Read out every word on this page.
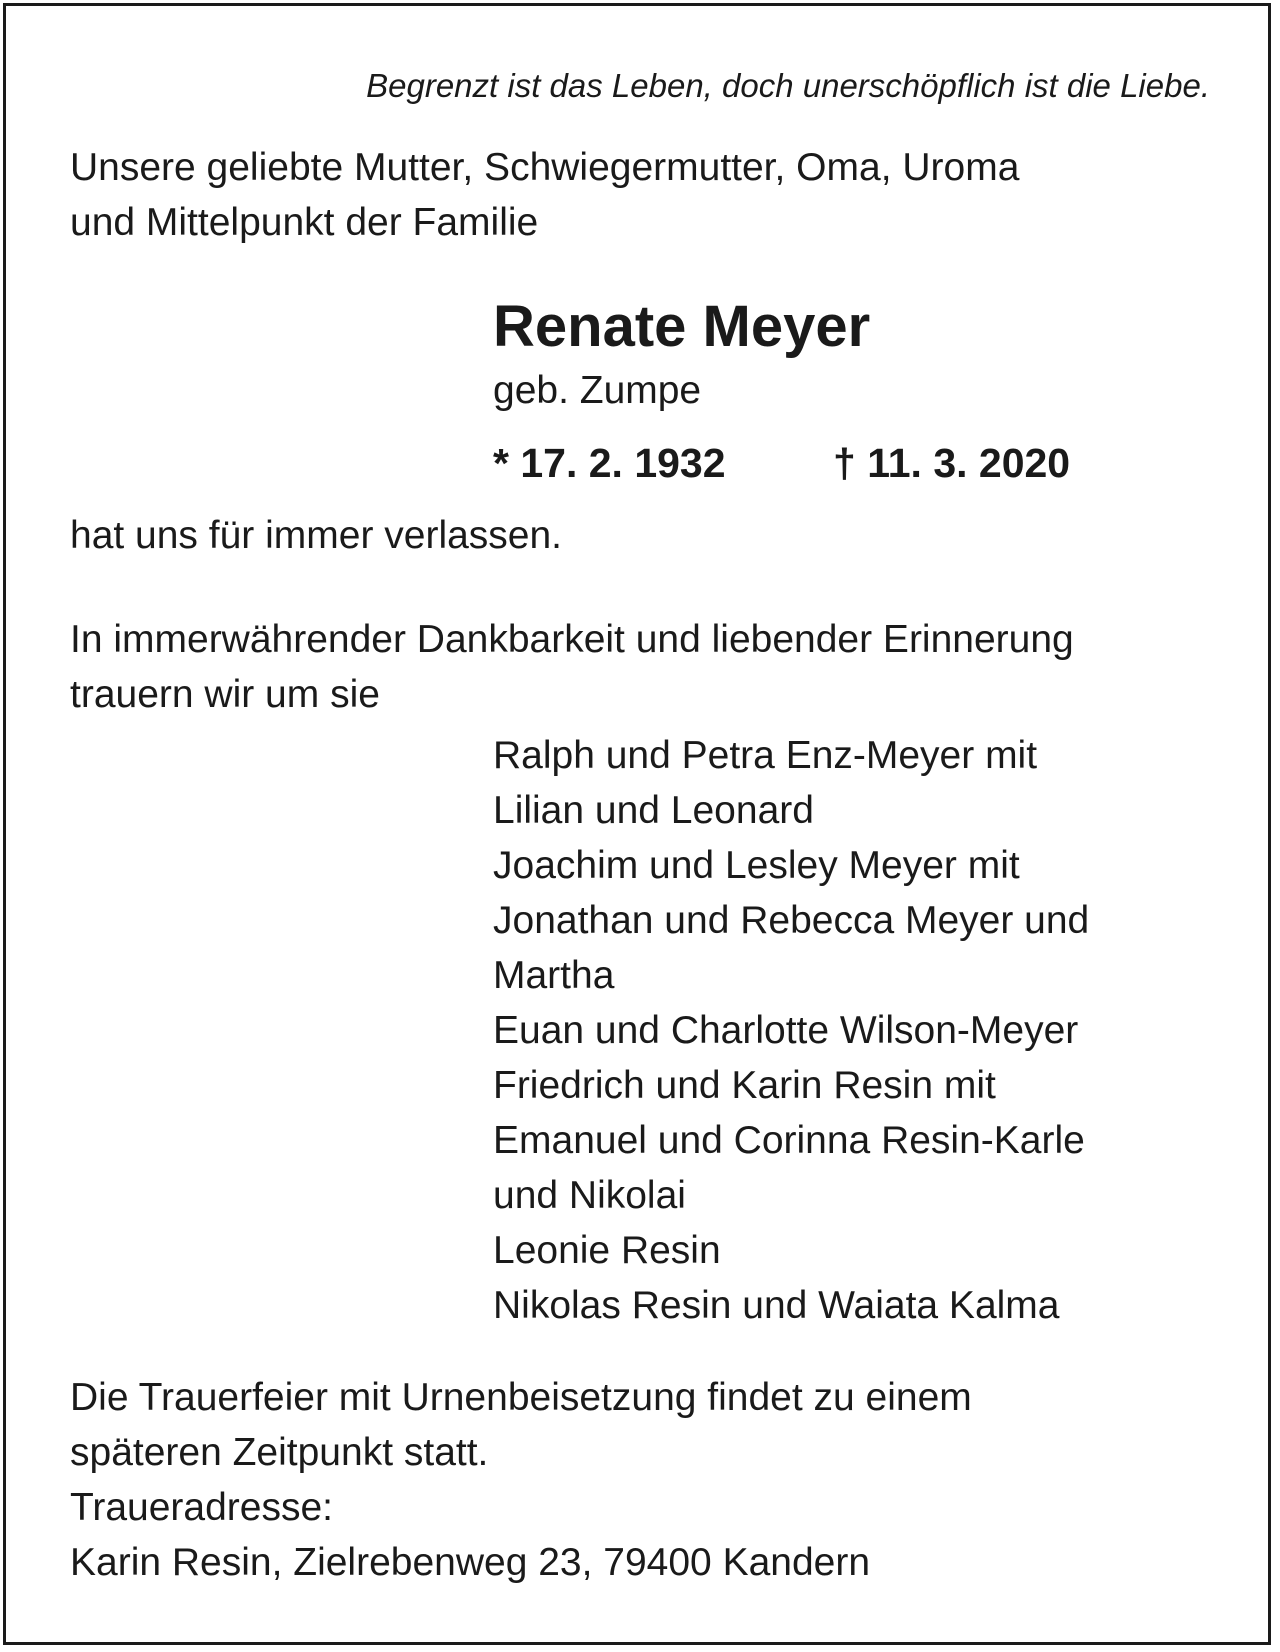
Begrenzt ist das Leben, doch unerschöpflich ist die Liebe.
Unsere geliebte Mutter, Schwiegermutter, Oma, Uroma
und Mittelpunkt der Familie
Renate Meyer
geb. Zumpe
* 17. 2. 1932	† 11. 3. 2020
hat uns für immer verlassen.
In immerwährender Dankbarkeit und liebender Erinnerung
trauern wir um sie
Ralph und Petra Enz-Meyer mit
Lilian und Leonard
Joachim und Lesley Meyer mit
Jonathan und Rebecca Meyer und
Martha
Euan und Charlotte Wilson-Meyer
Friedrich und Karin Resin mit
Emanuel und Corinna Resin-Karle
und Nikolai
Leonie Resin
Nikolas Resin und Waiata Kalma
Die Trauerfeier mit Urnenbeisetzung findet zu einem
späteren Zeitpunkt statt.
Traueradresse:
Karin Resin, Zielrebenweg 23, 79400 Kandern
